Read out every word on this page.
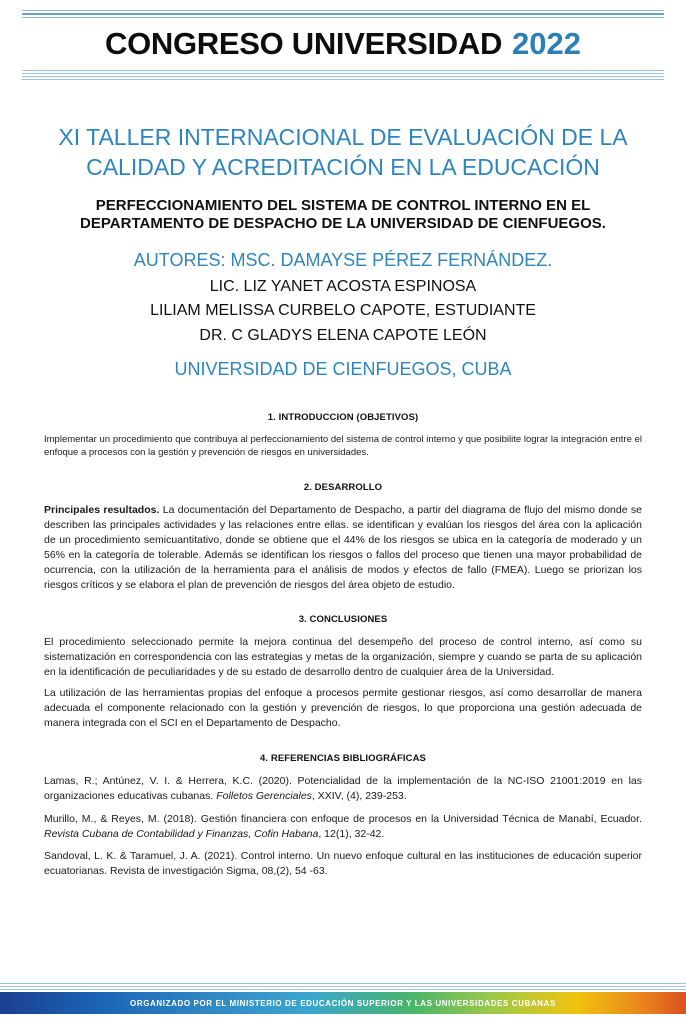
CONGRESO UNIVERSIDAD 2022
XI TALLER INTERNACIONAL DE EVALUACIÓN DE LA CALIDAD Y ACREDITACIÓN EN LA EDUCACIÓN
PERFECCIONAMIENTO DEL SISTEMA DE CONTROL INTERNO EN EL DEPARTAMENTO DE DESPACHO DE LA UNIVERSIDAD DE CIENFUEGOS.
AUTORES: MSC. DAMAYSE PÉREZ FERNÁNDEZ.
LIC. LIZ YANET ACOSTA ESPINOSA
LILIAM MELISSA CURBELO CAPOTE, ESTUDIANTE
DR. C GLADYS ELENA CAPOTE LEÓN
UNIVERSIDAD DE CIENFUEGOS, CUBA
1. INTRODUCCION (OBJETIVOS)

Implementar un procedimiento que contribuya al perfeccionamiento del sistema de control interno y que posibilite lograr la integración entre el enfoque a procesos con la gestión y prevención de riesgos en universidades.

2. DESARROLLO

Principales resultados. La documentación del Departamento de Despacho, a partir del diagrama de flujo del mismo donde se describen las principales actividades y las relaciones entre ellas. se identifican y evalúan los riesgos del área con la aplicación de un procedimiento semicuantitativo, donde se obtiene que el 44% de los riesgos se ubica en la categoría de moderado y un 56% en la categoría de tolerable. Además se identifican los riesgos o fallos del proceso que tienen una mayor probabilidad de ocurrencia, con la utilización de la herramienta para el análisis de modos y efectos de fallo (FMEA). Luego se priorizan los riesgos críticos y se elabora el plan de prevención de riesgos del área objeto de estudio.

3. CONCLUSIONES

El procedimiento seleccionado permite la mejora continua del desempeño del proceso de control interno, así como su sistematización en correspondencia con las estrategias y metas de la organización, siempre y cuando se parta de su aplicación en la identificación de peculiaridades y de su estado de desarrollo dentro de cualquier área de la Universidad.

La utilización de las herramientas propias del enfoque a procesos permite gestionar riesgos, así como desarrollar de manera adecuada el componente relacionado con la gestión y prevención de riesgos, lo que proporciona una gestión adecuada de manera integrada con el SCI en el Departamento de Despacho.

4. REFERENCIAS BIBLIOGRÁFICAS

Lamas, R.; Antúnez, V. I. & Herrera, K.C. (2020). Potencialidad de la implementación de la NC-ISO 21001:2019 en las organizaciones educativas cubanas. Folletos Gerenciales, XXIV, (4), 239-253.

Murillo, M., & Reyes, M. (2018). Gestión financiera con enfoque de procesos en la Universidad Técnica de Manabí, Ecuador. Revista Cubana de Contabilidad y Finanzas, Cofin Habana, 12(1), 32-42.

Sandoval, L. K. & Taramuel, J. A. (2021). Control interno. Un nuevo enfoque cultural en las instituciones de educación superior ecuatorianas. Revista de investigación Sigma, 08,(2), 54 -63.

ORGANIZADO POR EL MINISTERIO DE EDUCACIÓN SUPERIOR Y LAS UNIVERSIDADES CUBANAS
